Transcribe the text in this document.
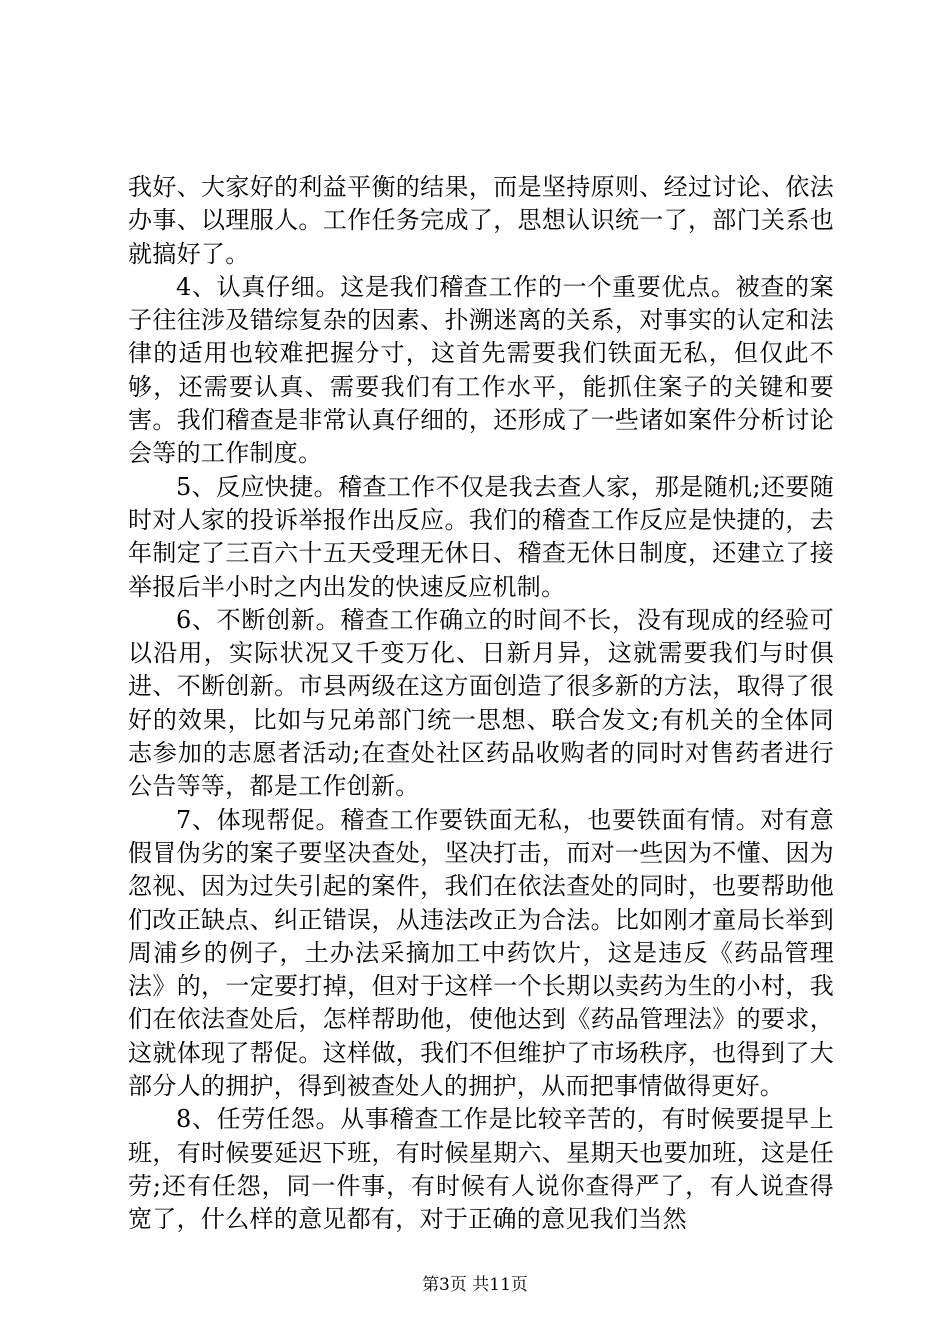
我好、大家好的利益平衡的结果，而是坚持原则、经过讨论、依法办事、以理服人。工作任务完成了，思想认识统一了，部门关系也就搞好了。

4、认真仔细。这是我们稽查工作的一个重要优点。被查的案子往往涉及错综复杂的因素、扑溯迷离的关系，对事实的认定和法律的适用也较难把握分寸，这首先需要我们铁面无私，但仅此不够，还需要认真、需要我们有工作水平，能抓住案子的关键和要害。我们稽查是非常认真仔细的，还形成了一些诸如案件分析讨论会等的工作制度。

5、反应快捷。稽查工作不仅是我去查人家，那是随机;还要随时对人家的投诉举报作出反应。我们的稽查工作反应是快捷的，去年制定了三百六十五天受理无休日、稽查无休日制度，还建立了接举报后半小时之内出发的快速反应机制。

6、不断创新。稽查工作确立的时间不长，没有现成的经验可以沿用，实际状况又千变万化、日新月异，这就需要我们与时俱进、不断创新。市县两级在这方面创造了很多新的方法，取得了很好的效果，比如与兄弟部门统一思想、联合发文;有机关的全体同志参加的志愿者活动;在查处社区药品收购者的同时对售药者进行公告等等，都是工作创新。

7、体现帮促。稽查工作要铁面无私，也要铁面有情。对有意假冒伪劣的案子要坚决查处，坚决打击，而对一些因为不懂、因为忽视、因为过失引起的案件，我们在依法查处的同时，也要帮助他们改正缺点、纠正错误，从违法改正为合法。比如刚才童局长举到周浦乡的例子，土办法采摘加工中药饮片，这是违反《药品管理法》的，一定要打掉，但对于这样一个长期以卖药为生的小村，我们在依法查处后，怎样帮助他，使他达到《药品管理法》的要求，这就体现了帮促。这样做，我们不但维护了市场秩序，也得到了大部分人的拥护，得到被查处人的拥护，从而把事情做得更好。

8、任劳任怨。从事稽查工作是比较辛苦的，有时候要提早上班，有时候要延迟下班，有时候星期六、星期天也要加班，这是任劳;还有任怨，同一件事，有时候有人说你查得严了，有人说查得宽了，什么样的意见都有，对于正确的意见我们当然

第3页 共11页
